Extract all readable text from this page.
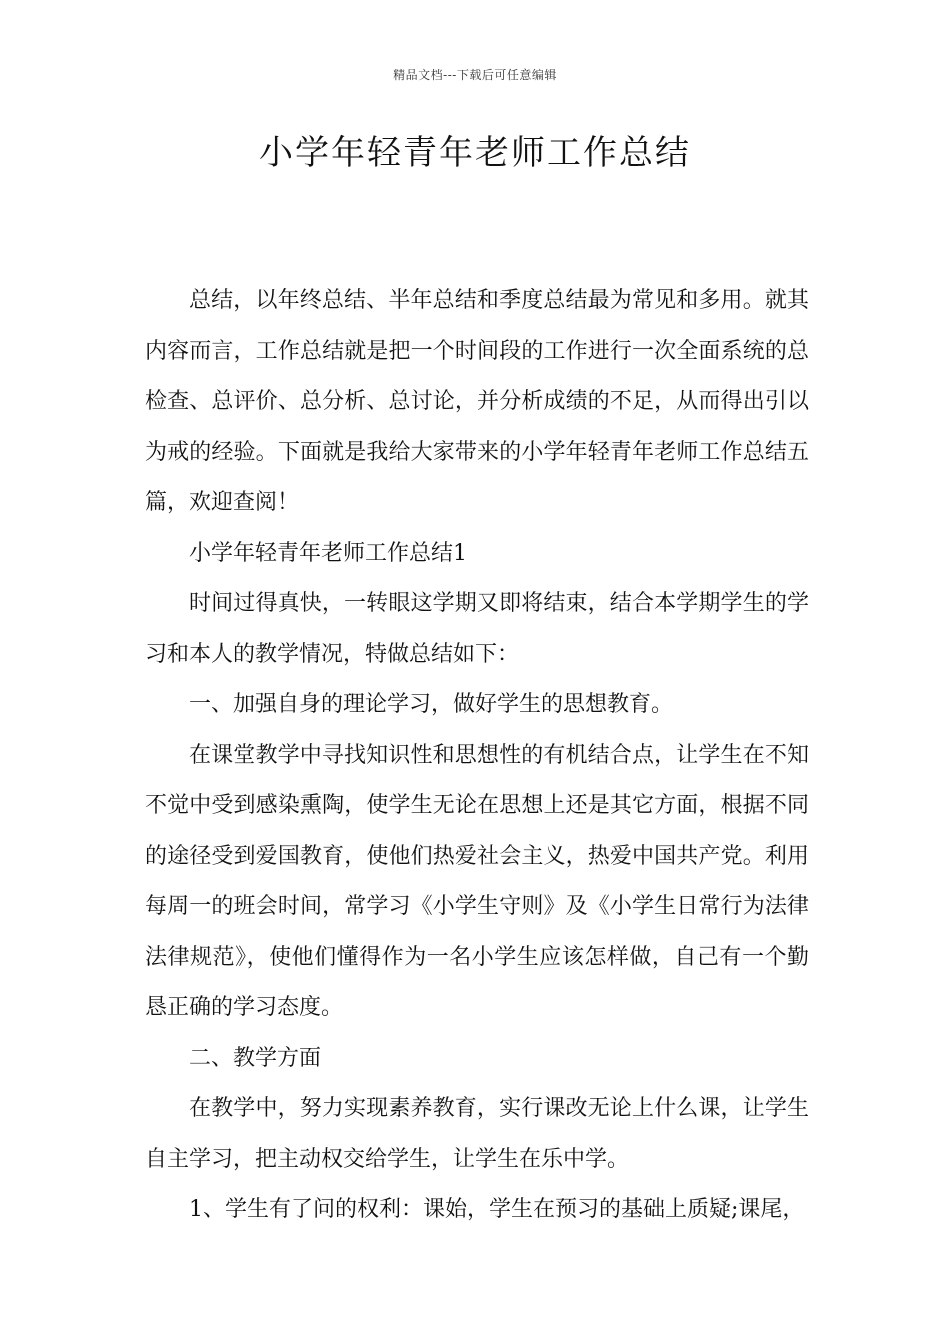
精品文档---下载后可任意编辑
小学年轻青年老师工作总结

总结，以年终总结、半年总结和季度总结最为常见和多用。就其内容而言，工作总结就是把一个时间段的工作进行一次全面系统的总检查、总评价、总分析、总讨论，并分析成绩的不足，从而得出引以为戒的经验。下面就是我给大家带来的小学年轻青年老师工作总结五篇，欢迎查阅！

小学年轻青年老师工作总结1

时间过得真快，一转眼这学期又即将结束，结合本学期学生的学习和本人的教学情况，特做总结如下：

一、加强自身的理论学习，做好学生的思想教育。

在课堂教学中寻找知识性和思想性的有机结合点，让学生在不知不觉中受到感染熏陶，使学生无论在思想上还是其它方面，根据不同的途径受到爱国教育，使他们热爱社会主义，热爱中国共产党。利用每周一的班会时间，常学习《小学生守则》及《小学生日常行为法律法律规范》，使他们懂得作为一名小学生应该怎样做，自己有一个勤恳正确的学习态度。

二、教学方面

在教学中，努力实现素养教育，实行课改无论上什么课，让学生自主学习，把主动权交给学生，让学生在乐中学。

1、学生有了问的权利：课始，学生在预习的基础上质疑;课尾，
